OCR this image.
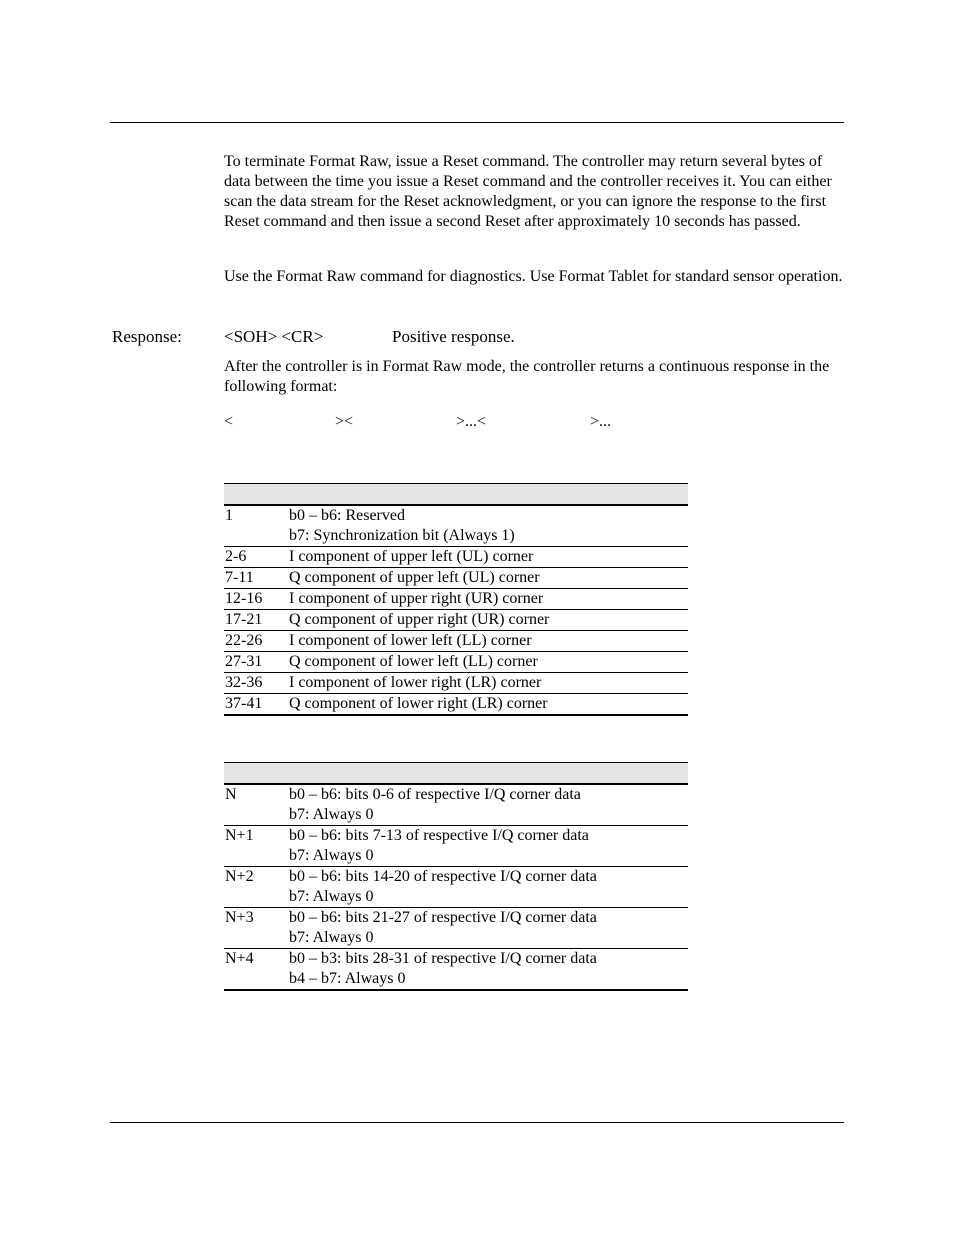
To terminate Format Raw, issue a Reset command. The controller may return several bytes of data between the time you issue a Reset command and the controller receives it. You can either scan the data stream for the Reset acknowledgment, or you can ignore the response to the first Reset command and then issue a second Reset after approximately 10 seconds has passed.

Use the Format Raw command for diagnostics. Use Format Tablet for standard sensor operation.

Response: <SOH> <CR>	Positive response.

After the controller is in Format Raw mode, the controller returns a continuous response in the following format:

<	><	>...<	>...

1	b0 – b6: Reserved
b7: Synchronization bit (Always 1)

2-6	I component of upper left (UL) corner
7-11	Q component of upper left (UL) corner
12-16	I component of upper right (UR) corner
17-21	Q component of upper right (UR) corner
22-26	I component of lower left (LL) corner
27-31	Q component of lower left (LL) corner
32-36	I component of lower right (LR) corner
37-41	Q component of lower right (LR) corner

N	b0 – b6: bits 0-6 of respective I/Q corner data
b7: Always 0

N+1	b0 – b6: bits 7-13 of respective I/Q corner data
b7: Always 0

N+2	b0 – b6: bits 14-20 of respective I/Q corner data
b7: Always 0

N+3	b0 – b6: bits 21-27 of respective I/Q corner data
b7: Always 0

N+4	b0 – b3: bits 28-31 of respective I/Q corner data
b4 – b7: Always 0
